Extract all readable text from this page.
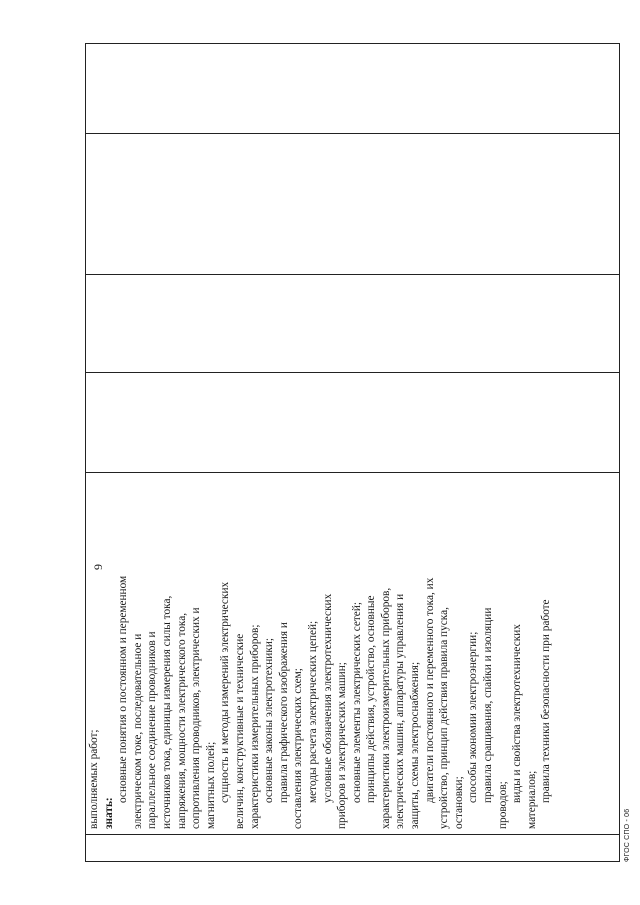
выполняемых работ; знать:
основные понятия о постоянном и переменном электрическом токе, последовательное и параллельное соединение проводников и источников тока, единицы измерения силы тока, напряжения, мощности электрического тока, сопротивления проводников, электрических и магнитных полей; сущность и методы измерений электрических величин, конструктивные и технические характеристики измерительных приборов; основные законы электротехники; правила графического изображения и составления электрических схем; методы расчета электрических цепей; условные обозначения электротехнических приборов и электрических машин; основные элементы электрических сетей; принципы действия, устройство, основные характеристики электроизмерительных приборов, электрических машин, аппаратуры управления и защиты, схемы электроснабжения; двигатели постоянного и переменного тока, их устройство, принцип действия правила пуска, остановки; способы экономии электроэнергии; правила сращивания, спайки и изоляции
проводов;
виды и свойства электротехнических материалов; правила техники безопасности при работе

9
ФГОС СПО - 06
